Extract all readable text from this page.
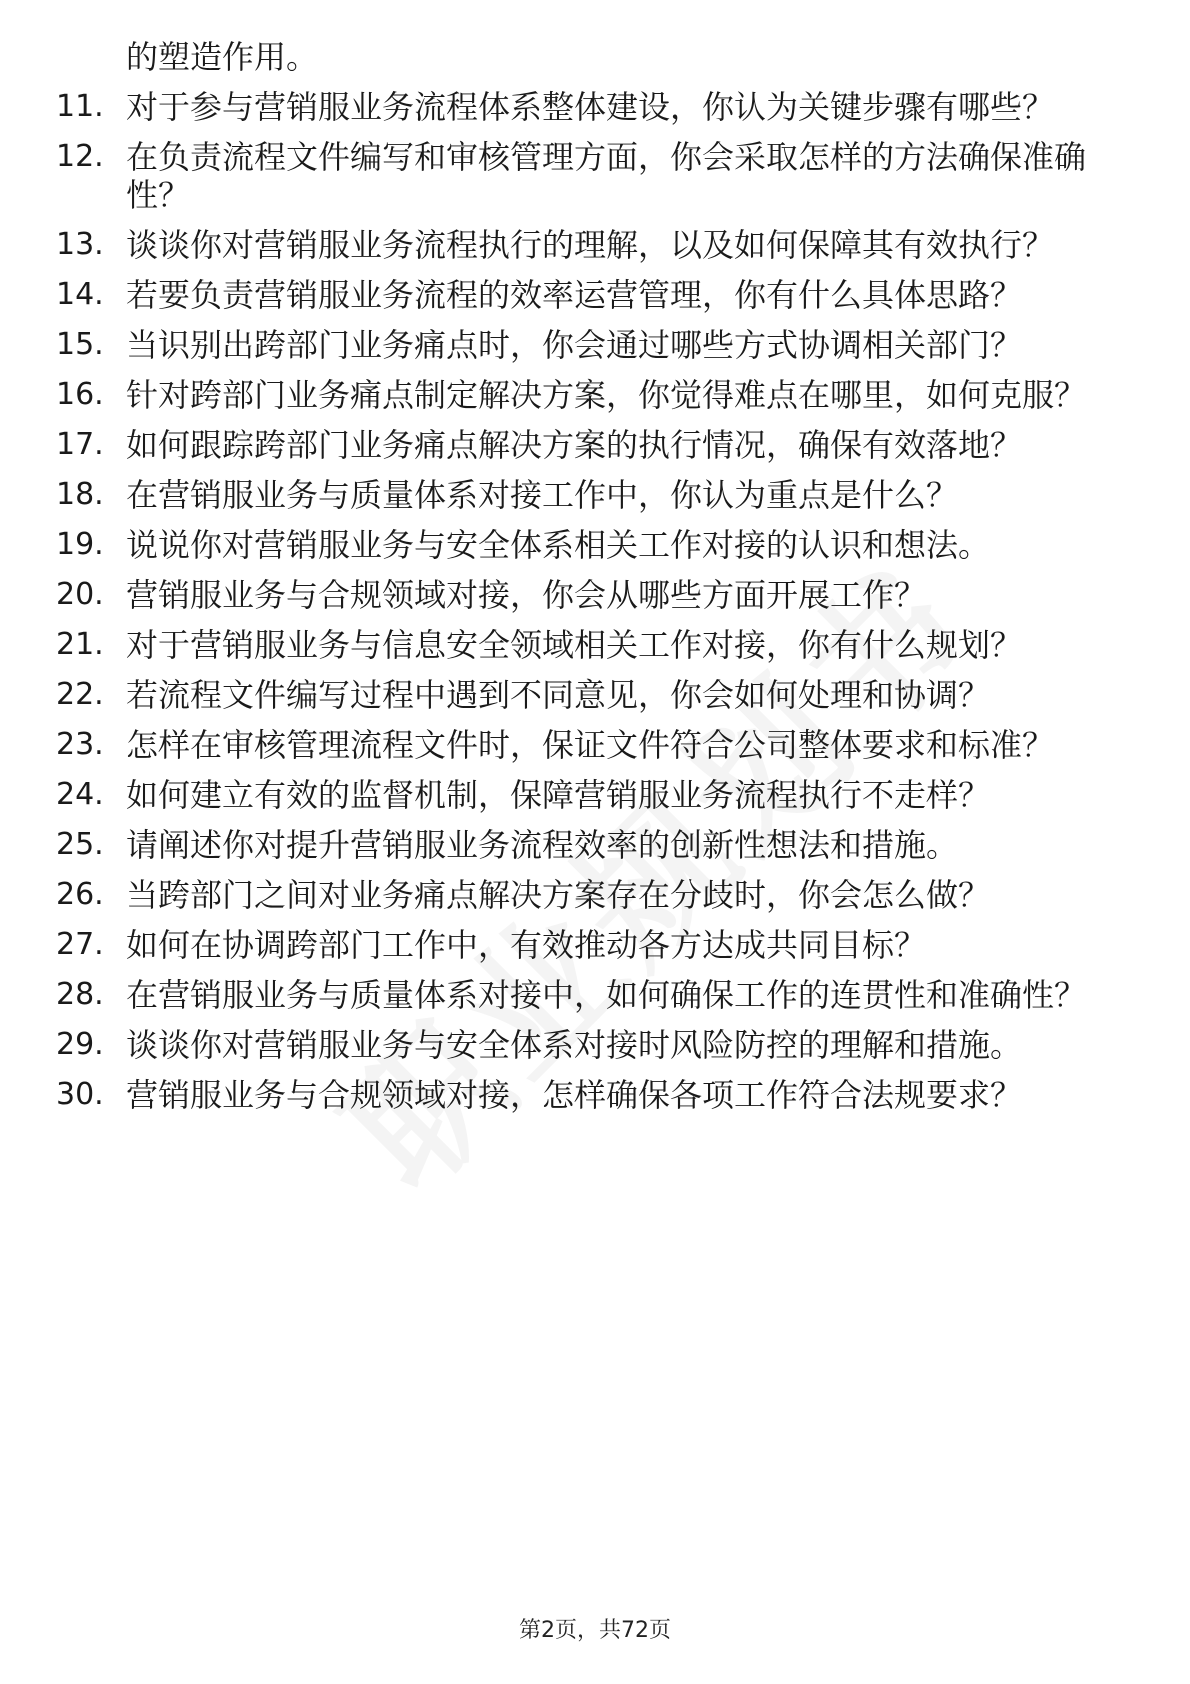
的塑造作用。
11. 对于参与营销服业务流程体系整体建设，你认为关键步骤有哪些？
12. 在负责流程文件编写和审核管理方面，你会采取怎样的方法确保准确性？
13. 谈谈你对营销服业务流程执行的理解，以及如何保障其有效执行？
14. 若要负责营销服业务流程的效率运营管理，你有什么具体思路？
15. 当识别出跨部门业务痛点时，你会通过哪些方式协调相关部门？
16. 针对跨部门业务痛点制定解决方案，你觉得难点在哪里，如何克服？
17. 如何跟踪跨部门业务痛点解决方案的执行情况，确保有效落地？
18. 在营销服业务与质量体系对接工作中，你认为重点是什么？
19. 说说你对营销服业务与安全体系相关工作对接的认识和想法。
20. 营销服业务与合规领域对接，你会从哪些方面开展工作？
21. 对于营销服业务与信息安全领域相关工作对接，你有什么规划？
22. 若流程文件编写过程中遇到不同意见，你会如何处理和协调？
23. 怎样在审核管理流程文件时，保证文件符合公司整体要求和标准？
24. 如何建立有效的监督机制，保障营销服业务流程执行不走样？
25. 请阐述你对提升营销服业务流程效率的创新性想法和措施。
26. 当跨部门之间对业务痛点解决方案存在分歧时，你会怎么做？
27. 如何在协调跨部门工作中，有效推动各方达成共同目标？
28. 在营销服业务与质量体系对接中，如何确保工作的连贯性和准确性？
29. 谈谈你对营销服业务与安全体系对接时风险防控的理解和措施。
30. 营销服业务与合规领域对接，怎样确保各项工作符合法规要求？
第2页，共72页
